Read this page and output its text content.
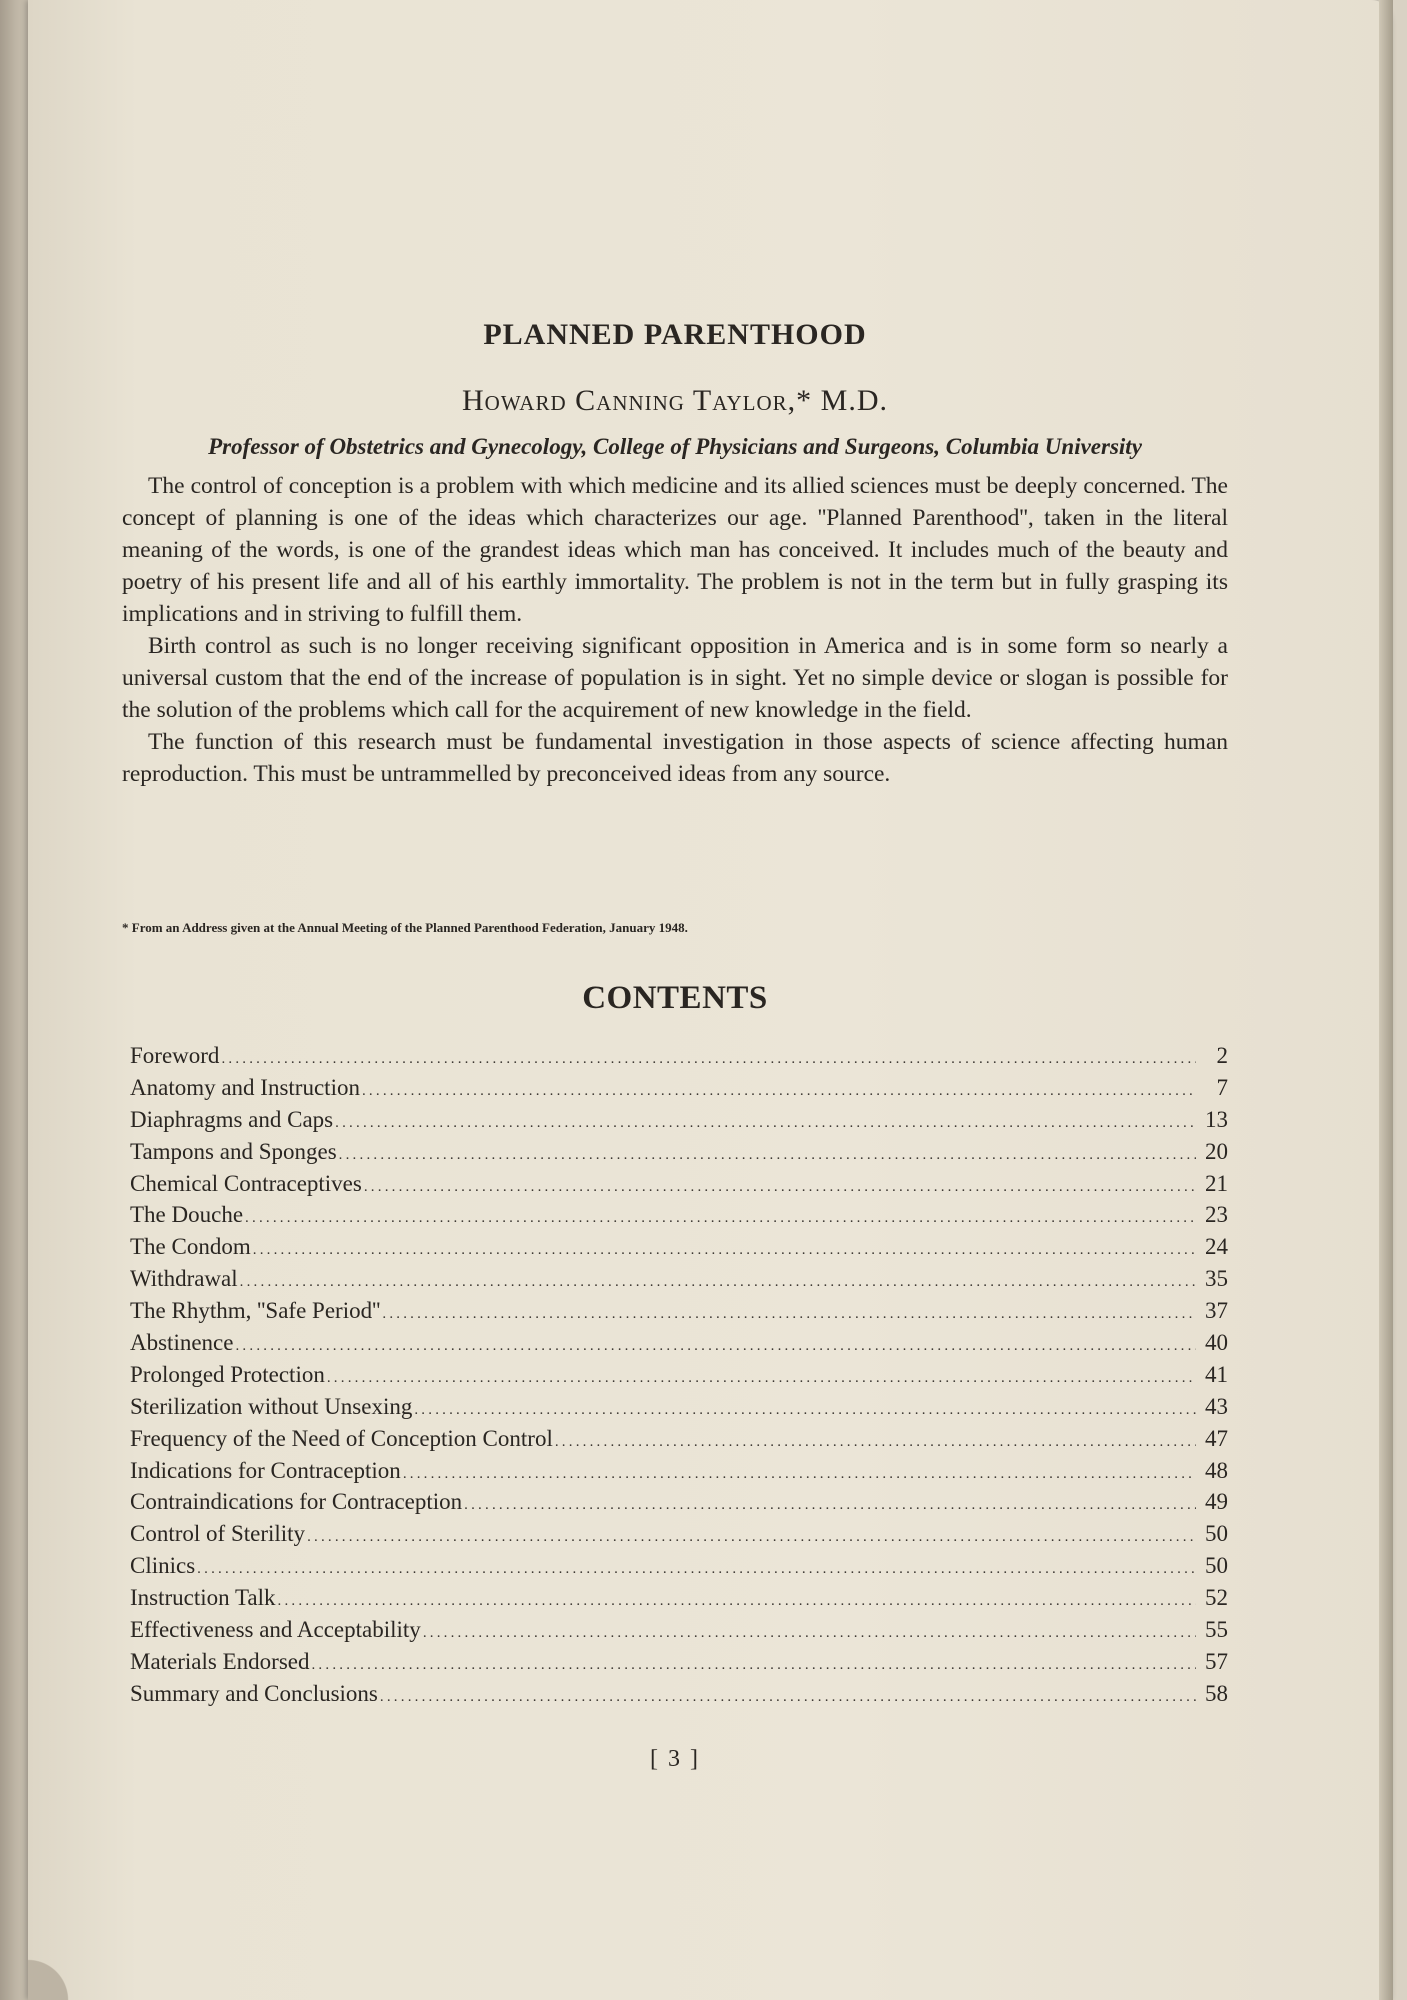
PLANNED PARENTHOOD
Howard Canning Taylor,* M.D.
Professor of Obstetrics and Gynecology, College of Physicians and Surgeons, Columbia University

The control of conception is a problem with which medicine and its allied sciences must be deeply concerned. The concept of planning is one of the ideas which characterizes our age. ''Planned Parenthood'', taken in the literal meaning of the words, is one of the grandest ideas which man has conceived. It includes much of the beauty and poetry of his present life and all of his earthly immortality. The problem is not in the term but in fully grasping its implications and in striving to fulfill them.

Birth control as such is no longer receiving significant opposition in America and is in some form so nearly a universal custom that the end of the increase of population is in sight. Yet no simple device or slogan is possible for the solution of the problems which call for the acquirement of new knowledge in the field.

The function of this research must be fundamental investigation in those aspects of science affecting human reproduction. This must be untrammelled by preconceived ideas from any source.

* From an Address given at the Annual Meeting of the Planned Parenthood Federation, January 1948.
CONTENTS
Foreword .....	2
Anatomy and Instruction .....	7
Diaphragms and Caps .....	13
Tampons and Sponges .....	20
Chemical Contraceptives .....	21
The Douche .....	23
The Condom .....	24
Withdrawal .....	35
The Rhythm, ''Safe Period'' .....	37
Abstinence .....	40
Prolonged Protection .....	41
Sterilization without Unsexing .....	43
Frequency of the Need of Conception Control .....	47
Indications for Contraception .....	48
Contraindications for Contraception .....	49
Control of Sterility .....	50
Clinics .....	50
Instruction Talk .....	52
Effectiveness and Acceptability .....	55
Materials Endorsed .....	57
Summary and Conclusions .....	58
[ 3 ]
